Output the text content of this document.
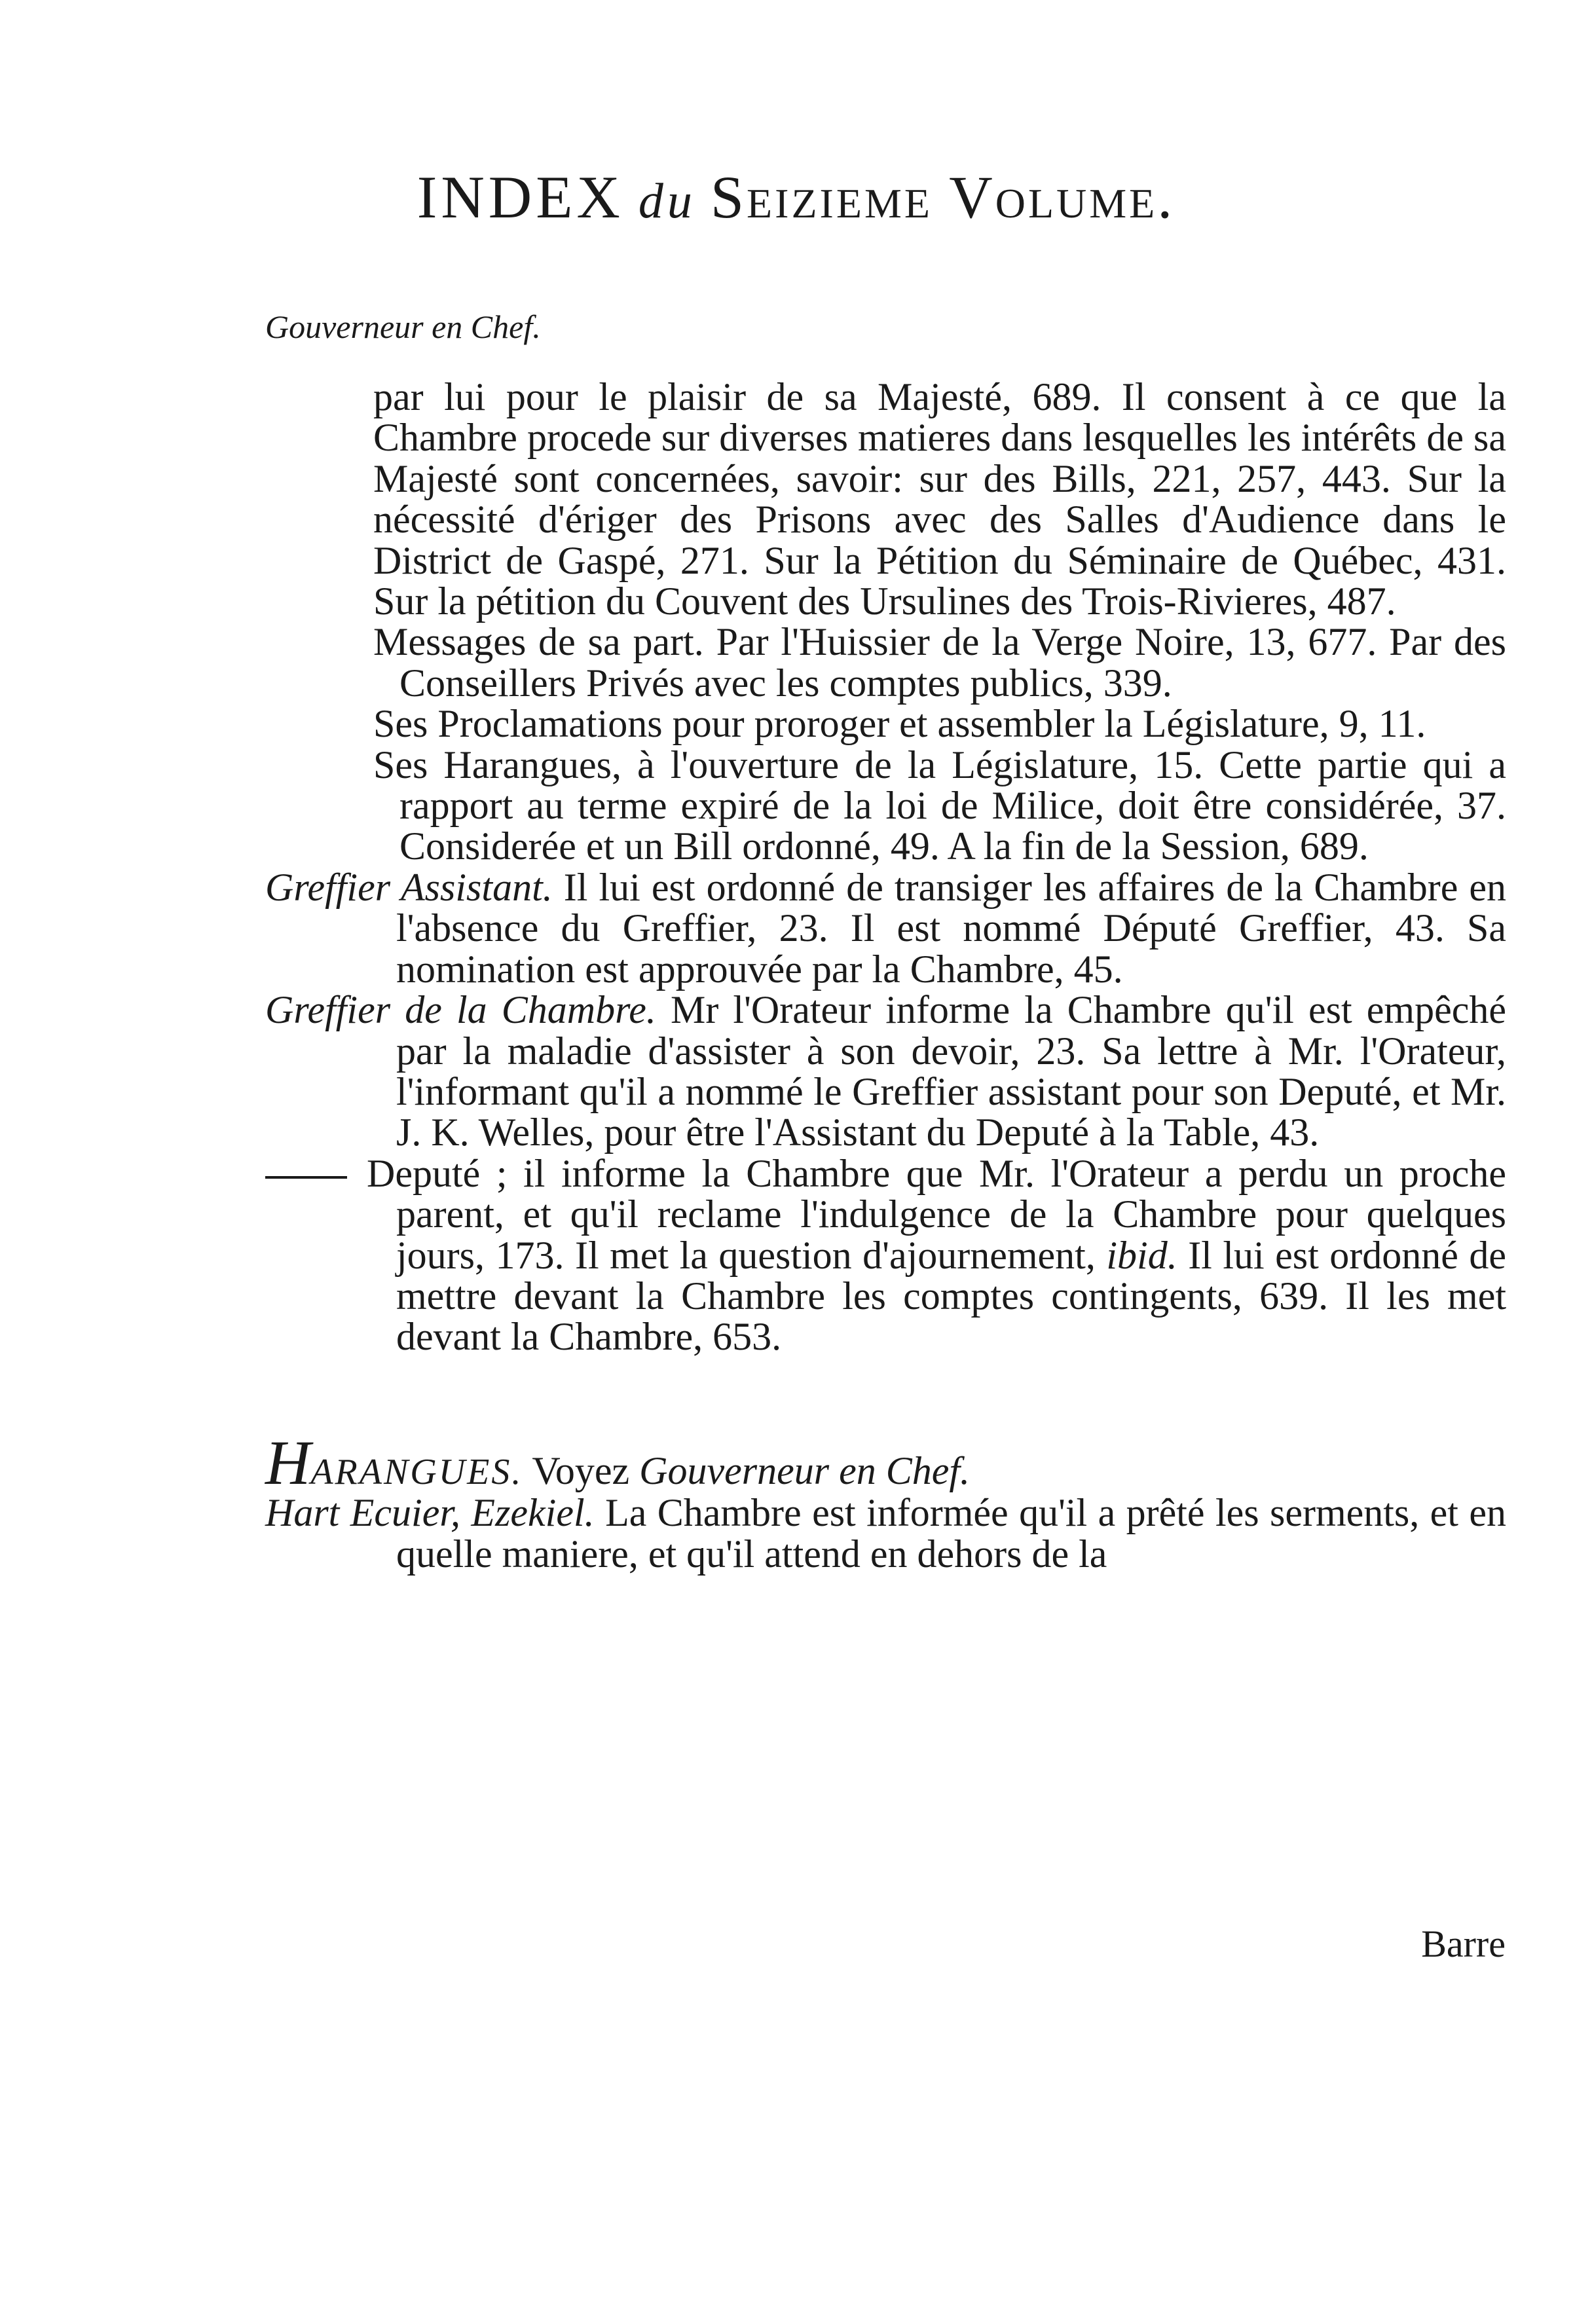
INDEX du Seizieme Volume.
Gouverneur en Chef.

par lui pour le plaisir de sa Majesté, 689. Il consent à ce que la Chambre procede sur diverses matieres dans lesquelles les intérêts de sa Majesté sont concernées, savoir: sur des Bills, 221, 257, 443. Sur la nécessité d'ériger des Prisons avec des Salles d'Audience dans le District de Gaspé, 271. Sur la Pétition du Séminaire de Québec, 431. Sur la pétition du Couvent des Ursulines des Trois-Rivieres, 487.

Messages de sa part. Par l'Huissier de la Verge Noire, 13, 677. Par des Conseillers Privés avec les comptes publics, 339.

Ses Proclamations pour proroger et assembler la Législature, 9, 11.

Ses Harangues, à l'ouverture de la Législature, 15. Cette partie qui a rapport au terme expiré de la loi de Milice, doit être considérée, 37. Considerée et un Bill ordonné, 49. A la fin de la Session, 689.

Greffier Assistant. Il lui est ordonné de transiger les affaires de la Chambre en l'absence du Greffier, 23. Il est nommé Député Greffier, 43. Sa nomination est approuvée par la Chambre, 45.

Greffier de la Chambre. Mr l'Orateur informe la Chambre qu'il est empêché par la maladie d'assister à son devoir, 23. Sa lettre à Mr. l'Orateur, l'informant qu'il a nommé le Greffier assistant pour son Deputé, et Mr. J. K. Welles, pour être l'Assistant du Deputé à la Table, 43.

Deputé ; il informe la Chambre que Mr. l'Orateur a perdu un proche parent, et qu'il reclame l'indulgence de la Chambre pour quelques jours, 173. Il met la question d'ajournement, ibid. Il lui est ordonné de mettre devant la Chambre les comptes contingents, 639. Il les met devant la Chambre, 653.

HARANGUES. Voyez Gouverneur en Chef.

Hart Ecuier, Ezekiel. La Chambre est informée qu'il a prêté les serments, et en quelle maniere, et qu'il attend en dehors de la

Barre
